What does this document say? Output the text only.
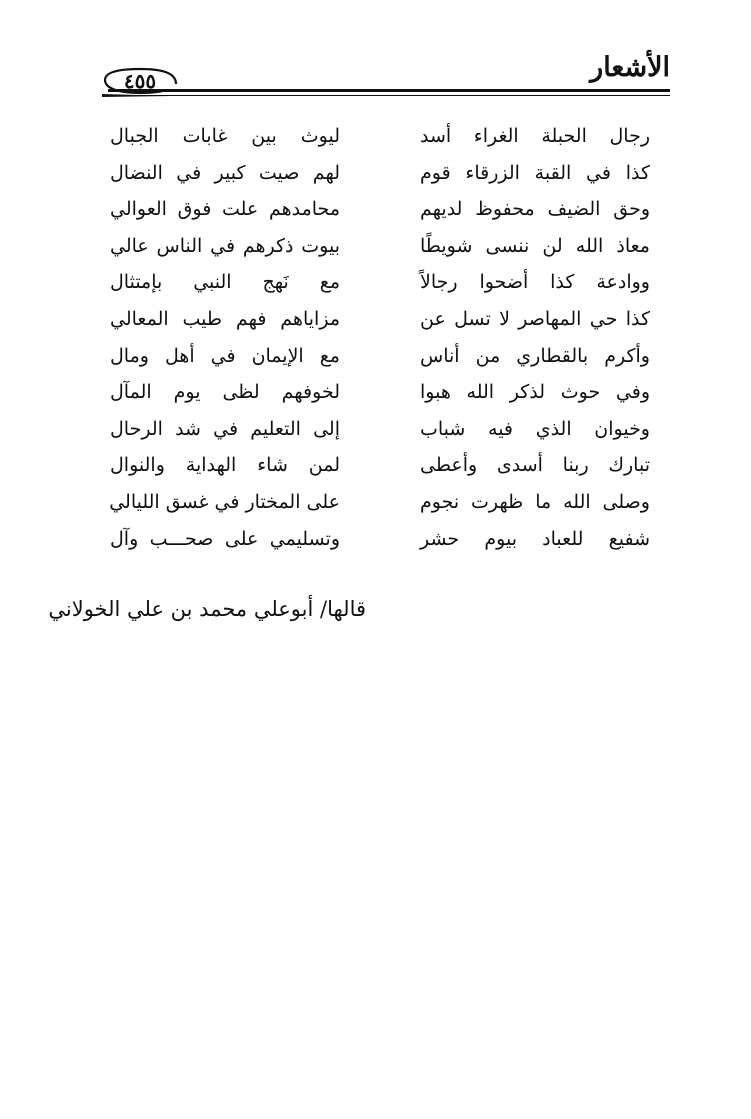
الأشعار
٤٥٥
رجال الحبلة الغراء أسد
ليوث بين غابات الجبال
كذا في القبة الزرقاء قوم
لهم صيت كبير في النضال
وحق الضيف محفوظ لديهم
محامدهم علت فوق العوالي
معاذ الله لن ننسى شويطًا
بيوت ذكرهم في الناس عالي
ووادعة كذا أضحوا رجالاً
مع نَهج النبي بإمتثال
كذا حي المهاصر لا تسل عن
مزاياهم فهم طيب المعالي
وأكرم بالقطاري من أناس
مع الإيمان في أهل ومال
وفي حوث لذكر الله هبوا
لخوفهم لظى يوم المآل
وخيوان الذي فيه شباب
إلى التعليم في شد الرحال
تبارك ربنا أسدى وأعطى
لمن شاء الهداية والنوال
وصلى الله ما ظهرت نجوم
على المختار في غسق الليالي
شفيع للعباد بيوم حشر
وتسليمي على صحـــب وآل
قالها/ أبوعلي محمد بن علي الخولاني
